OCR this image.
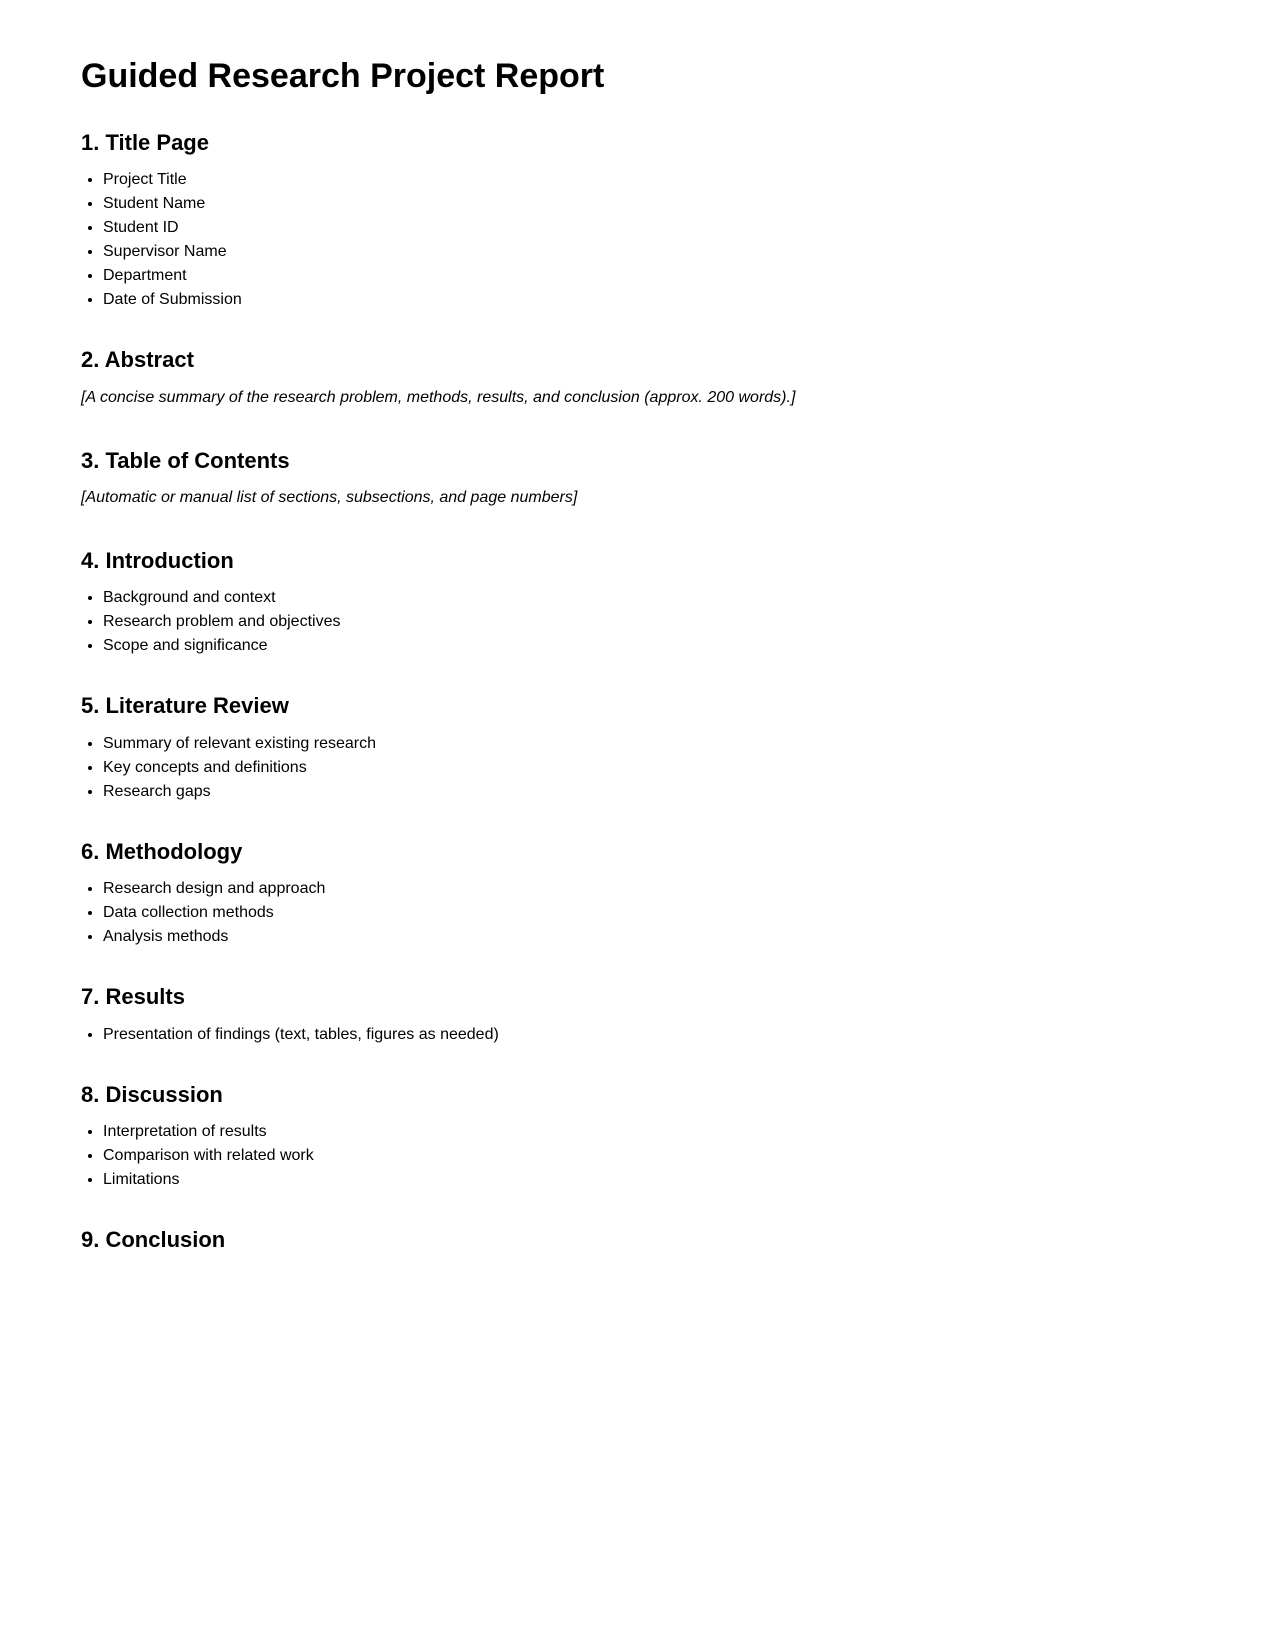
Guided Research Project Report
1. Title Page
• Project Title
• Student Name
• Student ID
• Supervisor Name
• Department
• Date of Submission
2. Abstract

[A concise summary of the research problem, methods, results, and conclusion (approx. 200 words).]

3. Table of Contents

[Automatic or manual list of sections, subsections, and page numbers]

4. Introduction
• Background and context
• Research problem and objectives
• Scope and significance
5. Literature Review
• Summary of relevant existing research
• Key concepts and definitions
• Research gaps
6. Methodology
• Research design and approach
• Data collection methods
• Analysis methods
7. Results
• Presentation of findings (text, tables, figures as needed)
8. Discussion
• Interpretation of results
• Comparison with related work
• Limitations
9. Conclusion
